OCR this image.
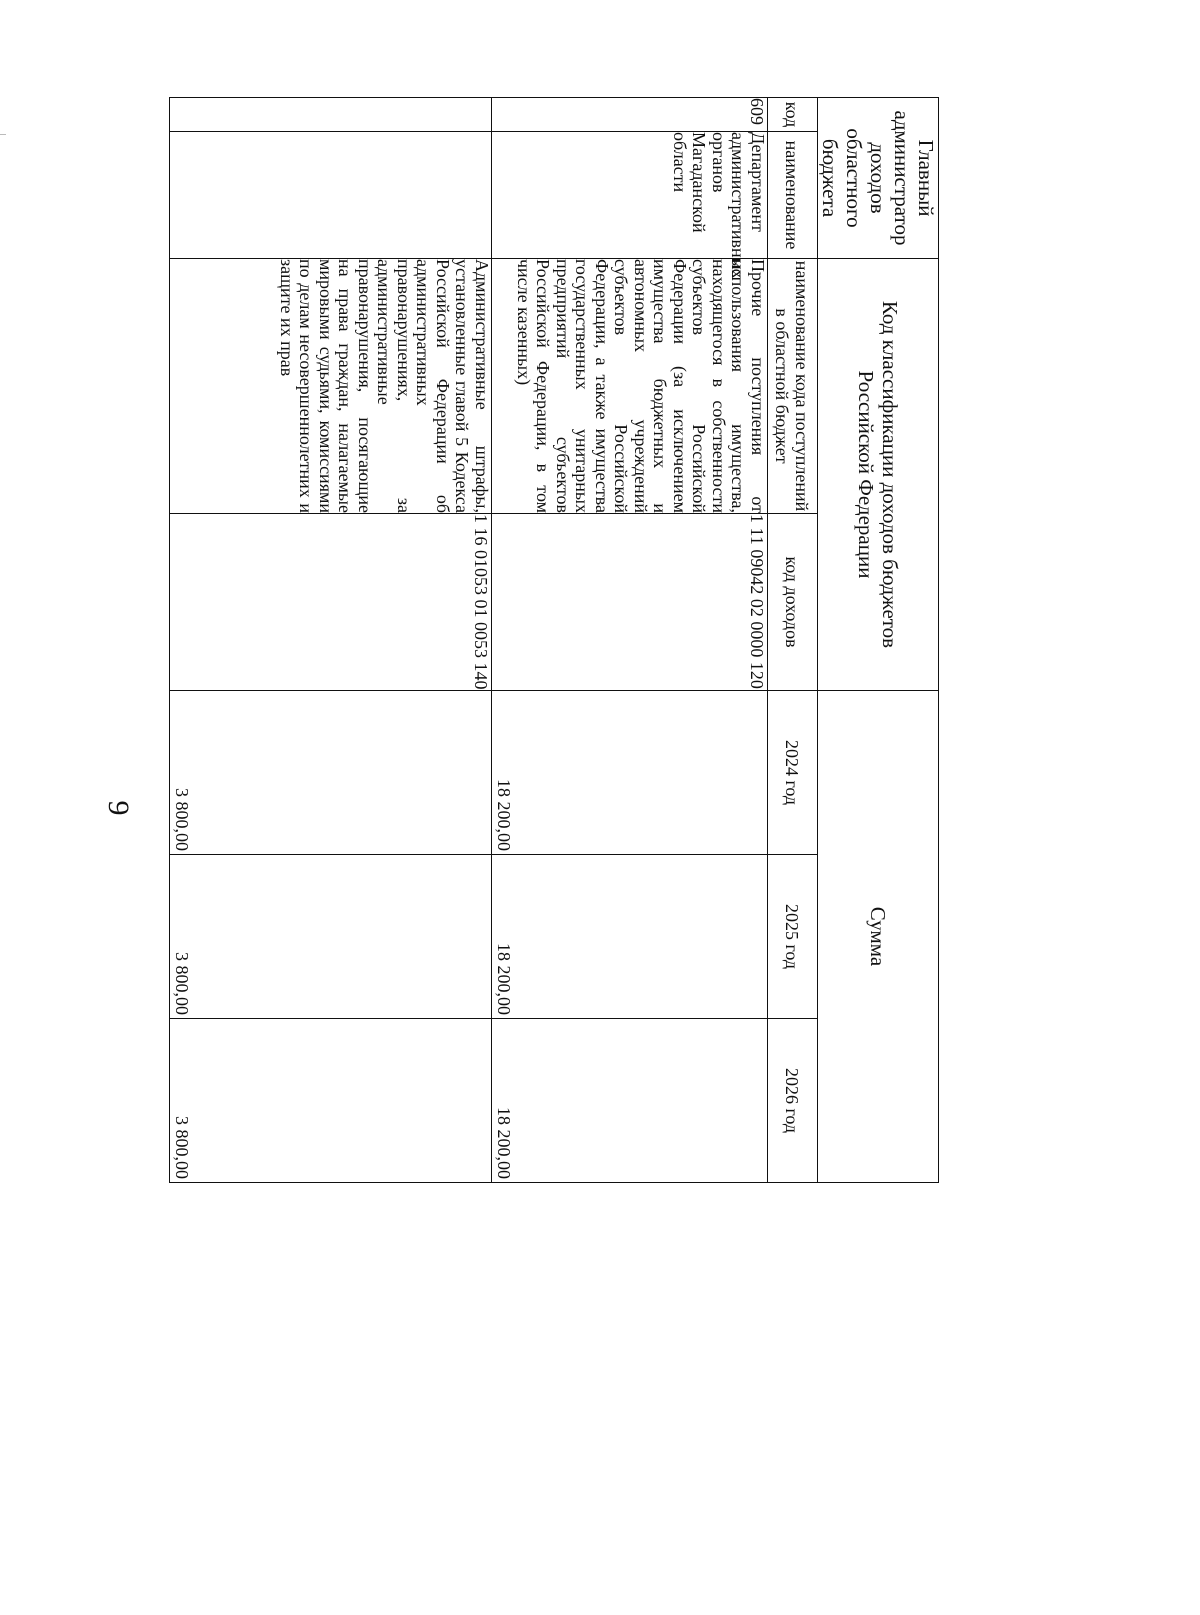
9
Главный администратор доходов областного бюджета		Код классификации доходов бюджетов Российской Федерации		Сумма		
код	наименование	наименование кода поступлений в областной бюджет	код доходов	2024 год	2025 год	2026 год
609	Департамент административных органов Магаданской области	Прочие поступления от использования имущества, находящегося в собственности субъектов Российской Федерации (за исключением имущества бюджетных и автономных учреждений субъектов Российской Федерации, а также имущества государственных унитарных предприятий субъектов Российской Федерации, в том числе казенных)	1 11 09042 02 0000 120	18 200,00	18 200,00	18 200,00
		Административные штрафы, установленные главой 5 Кодекса Российской Федерации об административных правонарушениях, за административные правонарушения, посягающие на права граждан, налагаемые мировыми судьями, комиссиями по делам несовершеннолетних и защите их прав	1 16 01053 01 0053 140	3 800,00	3 800,00	3 800,00
